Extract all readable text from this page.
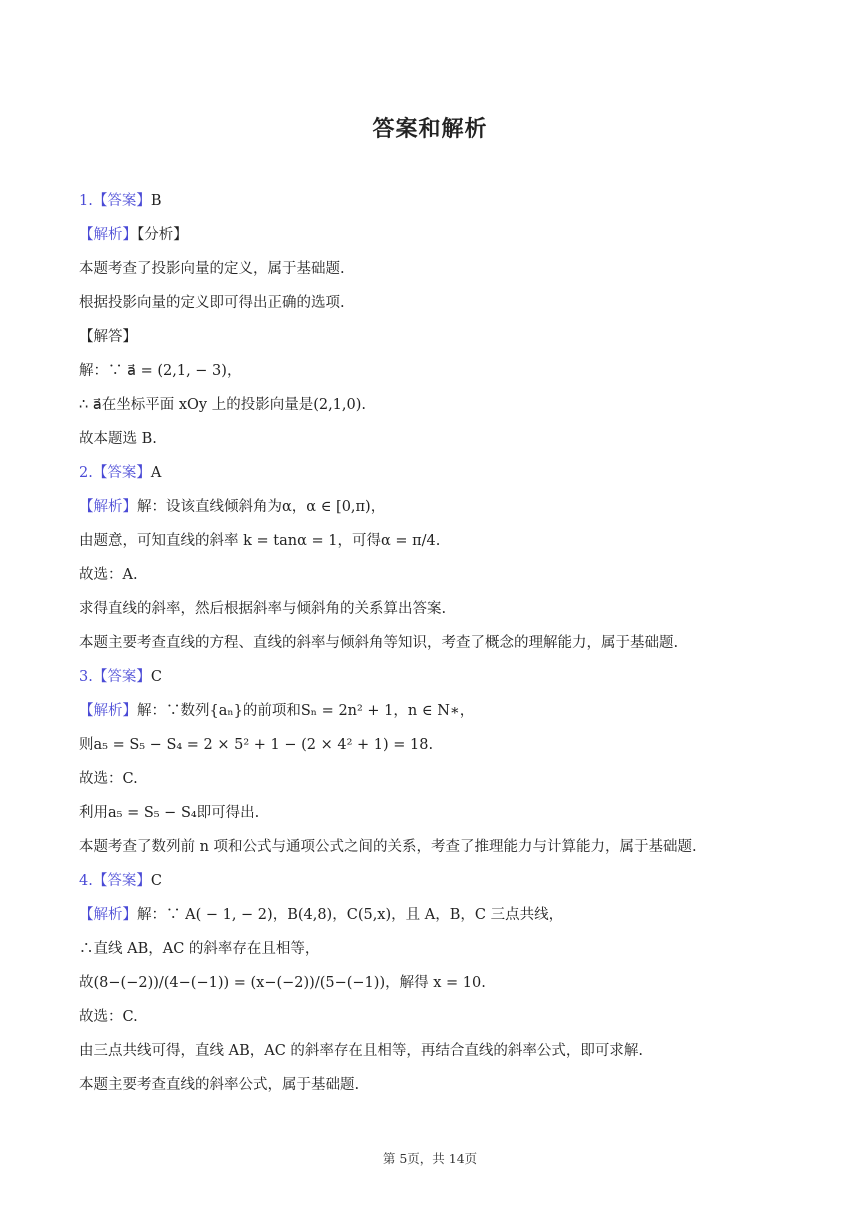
答案和解析
1.【答案】B
【解析】【分析】
本题考查了投影向量的定义，属于基础题.
根据投影向量的定义即可得出正确的选项.
【解答】
解：∵ a⃗ = (2,1, − 3)，
∴ a⃗在坐标平面 xOy 上的投影向量是(2,1,0).
故本题选 B.
2.【答案】A
【解析】解：设该直线倾斜角为α，α ∈ [0,π)，
由题意，可知直线的斜率 k = tanα = 1，可得α = π/4.
故选：A.
求得直线的斜率，然后根据斜率与倾斜角的关系算出答案.
本题主要考查直线的方程、直线的斜率与倾斜角等知识，考查了概念的理解能力，属于基础题.
3.【答案】C
【解析】解：∵数列{aₙ}的前项和Sₙ = 2n² + 1，n ∈ N∗，
则a₅ = S₅ − S₄ = 2 × 5² + 1 − (2 × 4² + 1) = 18.
故选：C.
利用a₅ = S₅ − S₄即可得出.
本题考查了数列前 n 项和公式与通项公式之间的关系，考查了推理能力与计算能力，属于基础题.
4.【答案】C
【解析】解：∵ A( − 1, − 2)，B(4,8)，C(5,x)，且 A，B，C 三点共线，
∴直线 AB，AC 的斜率存在且相等，
故(8−(−2))/(4−(−1)) = (x−(−2))/(5−(−1))，解得 x = 10.
故选：C.
由三点共线可得，直线 AB，AC 的斜率存在且相等，再结合直线的斜率公式，即可求解.
本题主要考查直线的斜率公式，属于基础题.
第 5页，共 14页
